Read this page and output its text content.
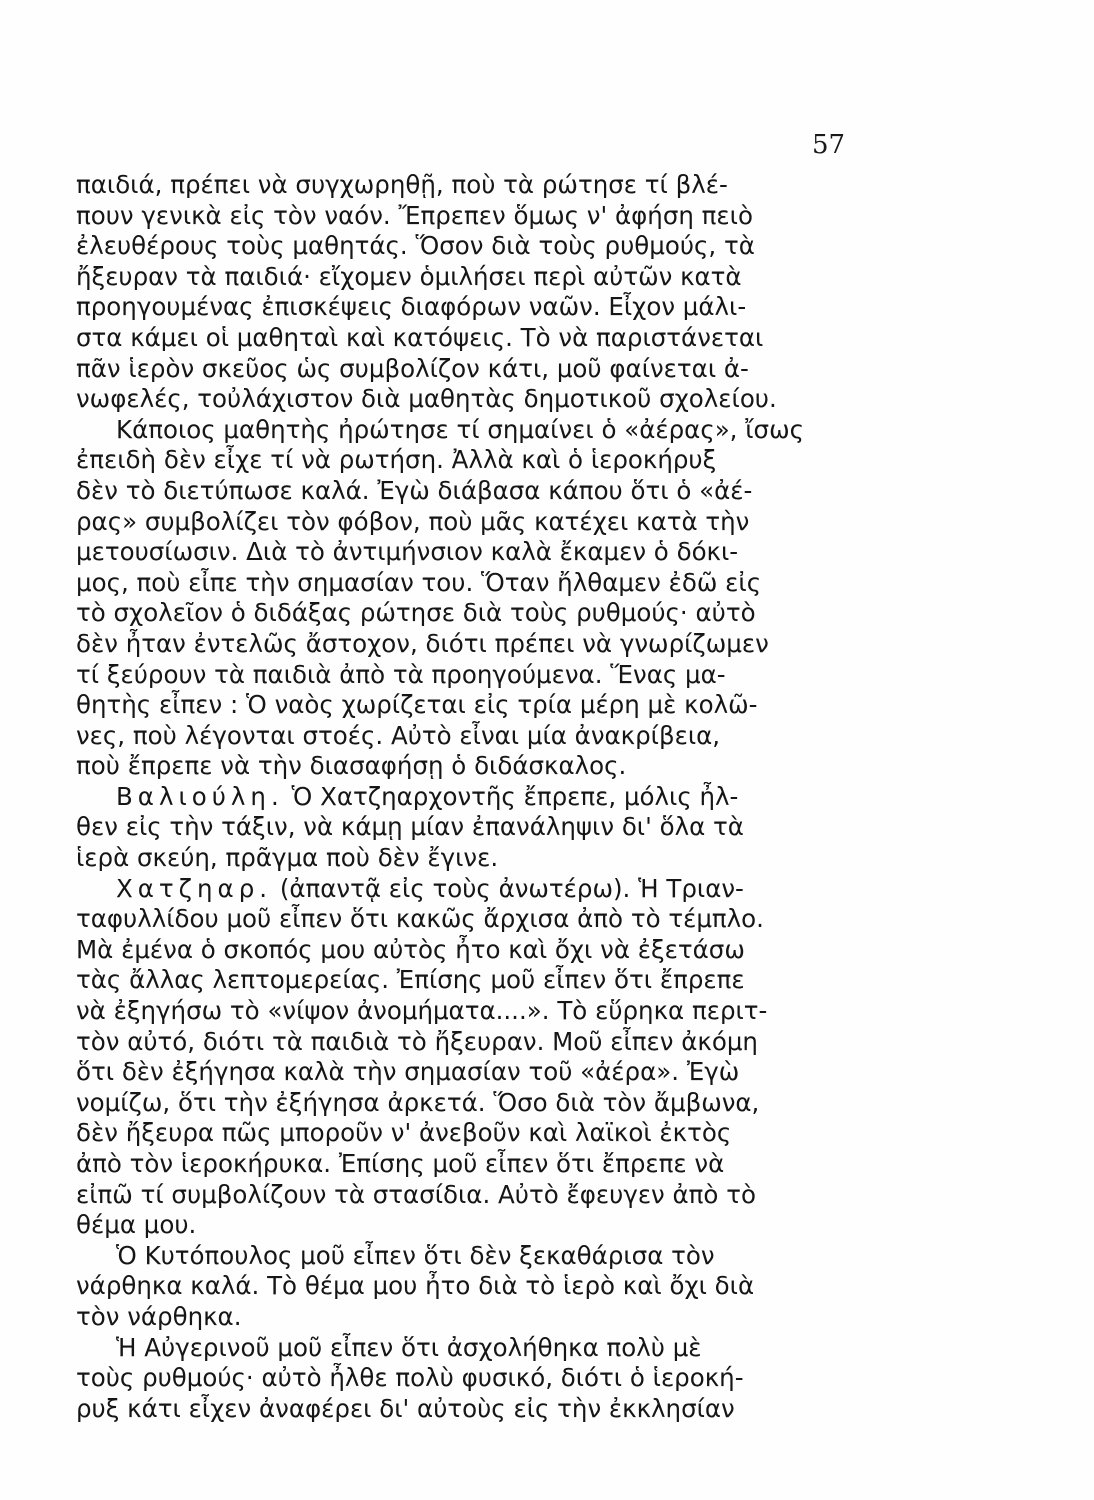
57
παιδιά, πρέπει νὰ συγχωρηθῇ, ποὺ τὰ ρώτησε τί βλέ-
πουν γενικὰ εἰς τὸν ναόν. Ἔπρεπεν ὅμως ν' ἀφήση πειὸ
ἐλευθέρους τοὺς μαθητάς. Ὅσον διὰ τοὺς ρυθμούς, τὰ
ἤξευραν τὰ παιδιά· εἴχομεν ὁμιλήσει περὶ αὐτῶν κατὰ
προηγουμένας ἐπισκέψεις διαφόρων ναῶν. Εἶχον μάλι-
στα κάμει οἱ μαθηταὶ καὶ κατόψεις. Τὸ νὰ παριστάνεται
πᾶν ἱερὸν σκεῦος ὡς συμβολίζον κάτι, μοῦ φαίνεται ἀ-
νωφελές, τοὐλάχιστον διὰ μαθητὰς δημοτικοῦ σχολείου.
Κάποιος μαθητὴς ἠρώτησε τί σημαίνει ὁ «ἀέρας», ἴσως
ἐπειδὴ δὲν εἶχε τί νὰ ρωτήση. Ἀλλὰ καὶ ὁ ἱεροκήρυξ
δὲν τὸ διετύπωσε καλά. Ἐγὼ διάβασα κάπου ὅτι ὁ «ἀέ-
ρας» συμβολίζει τὸν φόβον, ποὺ μᾶς κατέχει κατὰ τὴν
μετουσίωσιν. Διὰ τὸ ἀντιμήνσιον καλὰ ἔκαμεν ὁ δόκι-
μος, ποὺ εἶπε τὴν σημασίαν του. Ὅταν ἤλθαμεν ἐδῶ εἰς
τὸ σχολεῖον ὁ διδάξας ρώτησε διὰ τοὺς ρυθμούς· αὐτὸ
δὲν ἦταν ἐντελῶς ἄστοχον, διότι πρέπει νὰ γνωρίζωμεν
τί ξεύρουν τὰ παιδιὰ ἀπὸ τὰ προηγούμενα. Ἕνας μα-
θητὴς εἶπεν : Ὁ ναὸς χωρίζεται εἰς τρία μέρη μὲ κολῶ-
νες, ποὺ λέγονται στοές. Αὐτὸ εἶναι μία ἀνακρίβεια,
ποὺ ἔπρεπε νὰ τὴν διασαφήσῃ ὁ διδάσκαλος.
Βαλιούλη. Ὁ Χατζηαρχοντῆς ἔπρεπε, μόλις ἦλ-
θεν εἰς τὴν τάξιν, νὰ κάμῃ μίαν ἐπανάληψιν δι' ὅλα τὰ
ἱερὰ σκεύη, πρᾶγμα ποὺ δὲν ἔγινε.
Χατζηαρ. (ἀπαντᾷ εἰς τοὺς ἀνωτέρω). Ἡ Τριαν-
ταφυλλίδου μοῦ εἶπεν ὅτι κακῶς ἄρχισα ἀπὸ τὸ τέμπλο.
Μὰ ἐμένα ὁ σκοπός μου αὐτὸς ἦτο καὶ ὄχι νὰ ἐξετάσω
τὰς ἄλλας λεπτομερείας. Ἐπίσης μοῦ εἶπεν ὅτι ἔπρεπε
νὰ ἐξηγήσω τὸ «νίψον ἀνομήματα....». Τὸ εὕρηκα περιτ-
τὸν αὐτό, διότι τὰ παιδιὰ τὸ ἤξευραν. Μοῦ εἶπεν ἀκόμη
ὅτι δὲν ἐξήγησα καλὰ τὴν σημασίαν τοῦ «ἀέρα». Ἐγὼ
νομίζω, ὅτι τὴν ἐξήγησα ἀρκετά. Ὅσο διὰ τὸν ἄμβωνα,
δὲν ἤξευρα πῶς μποροῦν ν' ἀνεβοῦν καὶ λαϊκοὶ ἐκτὸς
ἀπὸ τὸν ἱεροκήρυκα. Ἐπίσης μοῦ εἶπεν ὅτι ἔπρεπε νὰ
εἰπῶ τί συμβολίζουν τὰ στασίδια. Αὐτὸ ἔφευγεν ἀπὸ τὸ
θέμα μου.
Ὁ Κυτόπουλος μοῦ εἶπεν ὅτι δὲν ξεκαθάρισα τὸν
νάρθηκα καλά. Τὸ θέμα μου ἦτο διὰ τὸ ἱερὸ καὶ ὄχι διὰ
τὸν νάρθηκα.
Ἡ Αὐγερινοῦ μοῦ εἶπεν ὅτι ἀσχολήθηκα πολὺ μὲ
τοὺς ρυθμούς· αὐτὸ ἦλθε πολὺ φυσικό, διότι ὁ ἱεροκή-
ρυξ κάτι εἶχεν ἀναφέρει δι' αὐτοὺς εἰς τὴν ἐκκλησίαν
